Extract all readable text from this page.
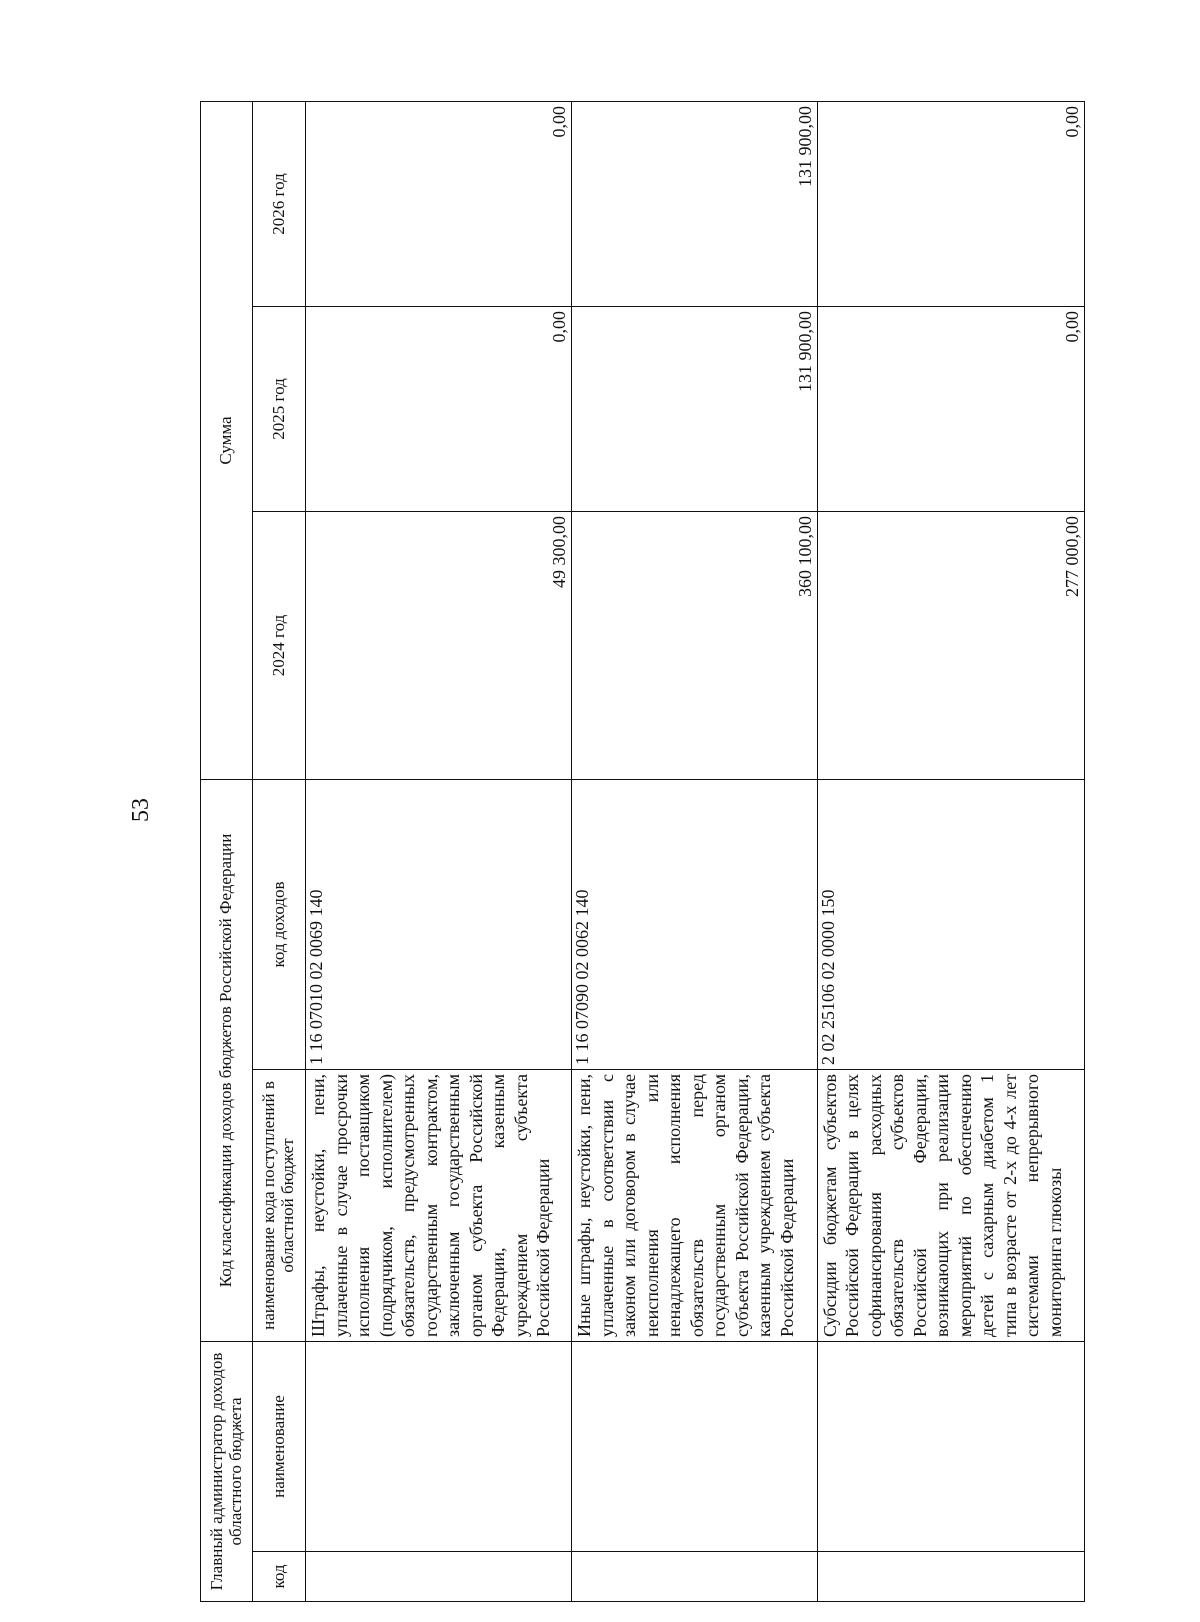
53
Главный администратор доходов областного бюджета		Код классификации доходов бюджетов Российской Федерации		Сумма		
код	наименование	наименование кода поступлений в областной бюджет	код доходов	2024 год	2025 год	2026 год
		Штрафы, неустойки, пени, уплаченные в случае просрочки исполнения поставщиком (подрядчиком, исполнителем) обязательств, предусмотренных государственным контрактом, заключенным государственным органом субъекта Российской Федерации, казенным учреждением субъекта Российской Федерации	1 16 07010 02 0069 140	49 300,00	0,00	0,00
		Иные штрафы, неустойки, пени, уплаченные в соответствии с законом или договором в случае неисполнения или ненадлежащего исполнения обязательств перед государственным органом субъекта Российской Федерации, казенным учреждением субъекта Российской Федерации	1 16 07090 02 0062 140	360 100,00	131 900,00	131 900,00
		Субсидии бюджетам субъектов Российской Федерации в целях софинансирования расходных обязательств субъектов Российской Федерации, возникающих при реализации мероприятий по обеспечению детей с сахарным диабетом 1 типа в возрасте от 2-х до 4-х лет системами непрерывного мониторинга глюкозы	2 02 25106 02 0000 150	277 000,00	0,00	0,00
